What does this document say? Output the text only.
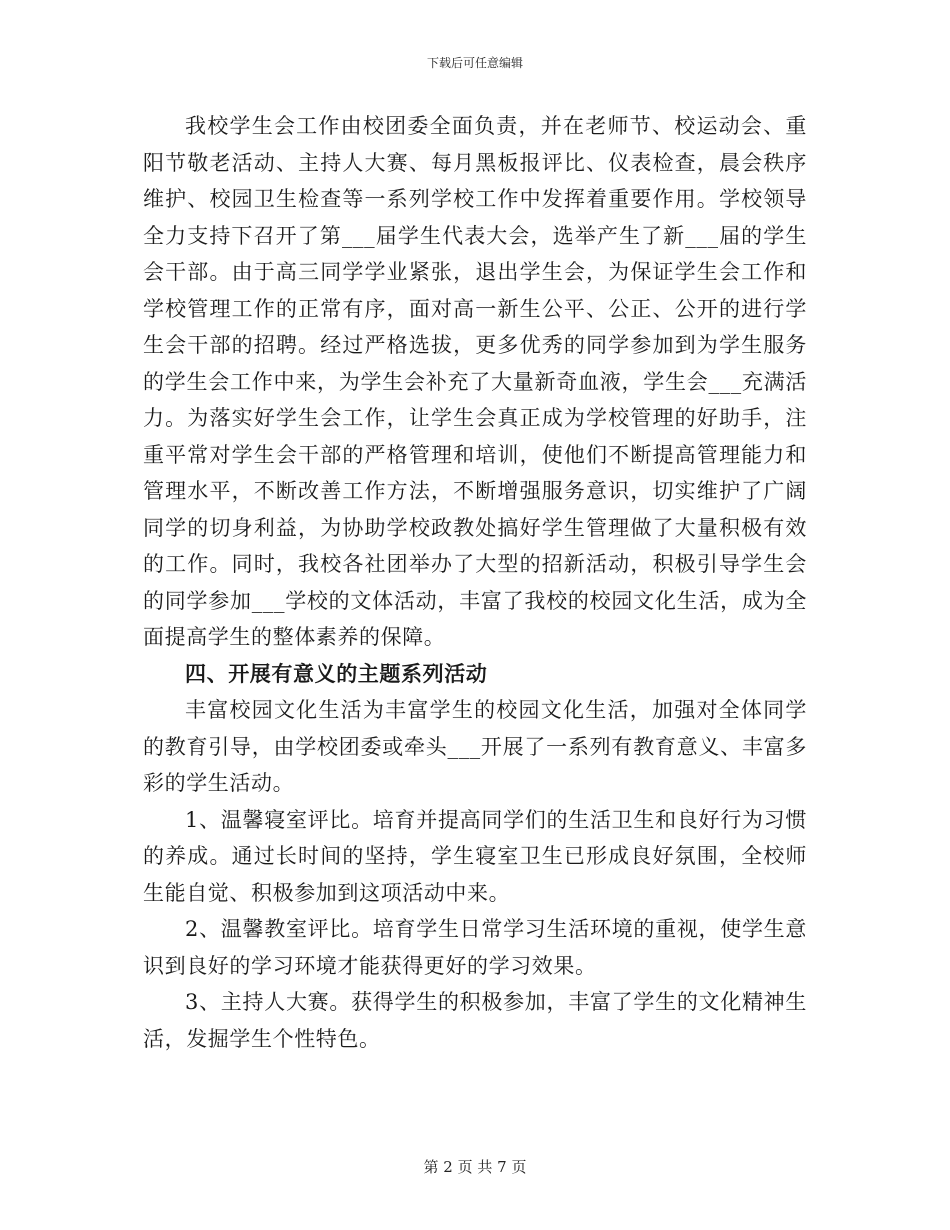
下载后可任意编辑

我校学生会工作由校团委全面负责，并在老师节、校运动会、重阳节敬老活动、主持人大赛、每月黑板报评比、仪表检查，晨会秩序维护、校园卫生检查等一系列学校工作中发挥着重要作用。学校领导全力支持下召开了第___届学生代表大会，选举产生了新___届的学生会干部。由于高三同学学业紧张，退出学生会，为保证学生会工作和学校管理工作的正常有序，面对高一新生公平、公正、公开的进行学生会干部的招聘。经过严格选拔，更多优秀的同学参加到为学生服务的学生会工作中来，为学生会补充了大量新奇血液，学生会___充满活力。为落实好学生会工作，让学生会真正成为学校管理的好助手，注重平常对学生会干部的严格管理和培训，使他们不断提高管理能力和管理水平，不断改善工作方法，不断增强服务意识，切实维护了广阔同学的切身利益，为协助学校政教处搞好学生管理做了大量积极有效的工作。同时，我校各社团举办了大型的招新活动，积极引导学生会的同学参加___学校的文体活动，丰富了我校的校园文化生活，成为全面提高学生的整体素养的保障。

四、开展有意义的主题系列活动

丰富校园文化生活为丰富学生的校园文化生活，加强对全体同学的教育引导，由学校团委或牵头___开展了一系列有教育意义、丰富多彩的学生活动。

1、温馨寝室评比。培育并提高同学们的生活卫生和良好行为习惯的养成。通过长时间的坚持，学生寝室卫生已形成良好氛围，全校师生能自觉、积极参加到这项活动中来。

2、温馨教室评比。培育学生日常学习生活环境的重视，使学生意识到良好的学习环境才能获得更好的学习效果。

3、主持人大赛。获得学生的积极参加，丰富了学生的文化精神生活，发掘学生个性特色。

第 2 页 共 7 页
